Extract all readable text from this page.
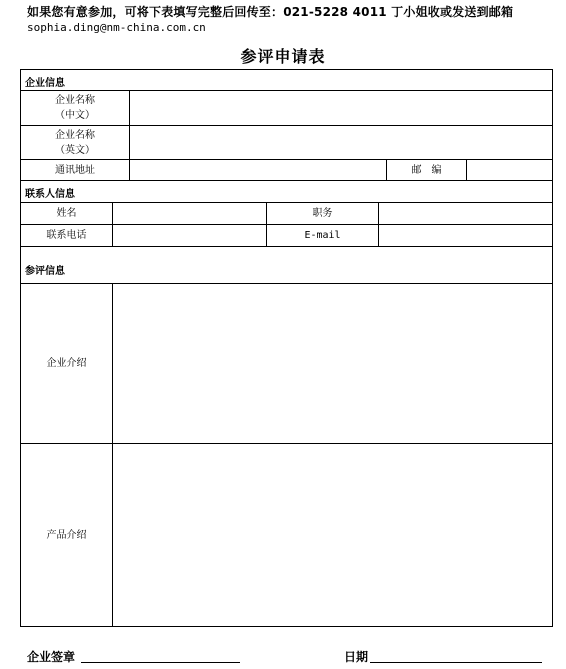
如果您有意参加，可将下表填写完整后回传至：021-5228 4011 丁小姐收或发送到邮箱
sophia.ding@nm-china.com.cn
参评申请表
企业信息
企业名称
（中文）
企业名称
（英文）
通讯地址	邮　编
联系人信息
姓名	职务
联系电话	E-mail
参评信息
企业介绍
产品介绍
企业签章	日期
